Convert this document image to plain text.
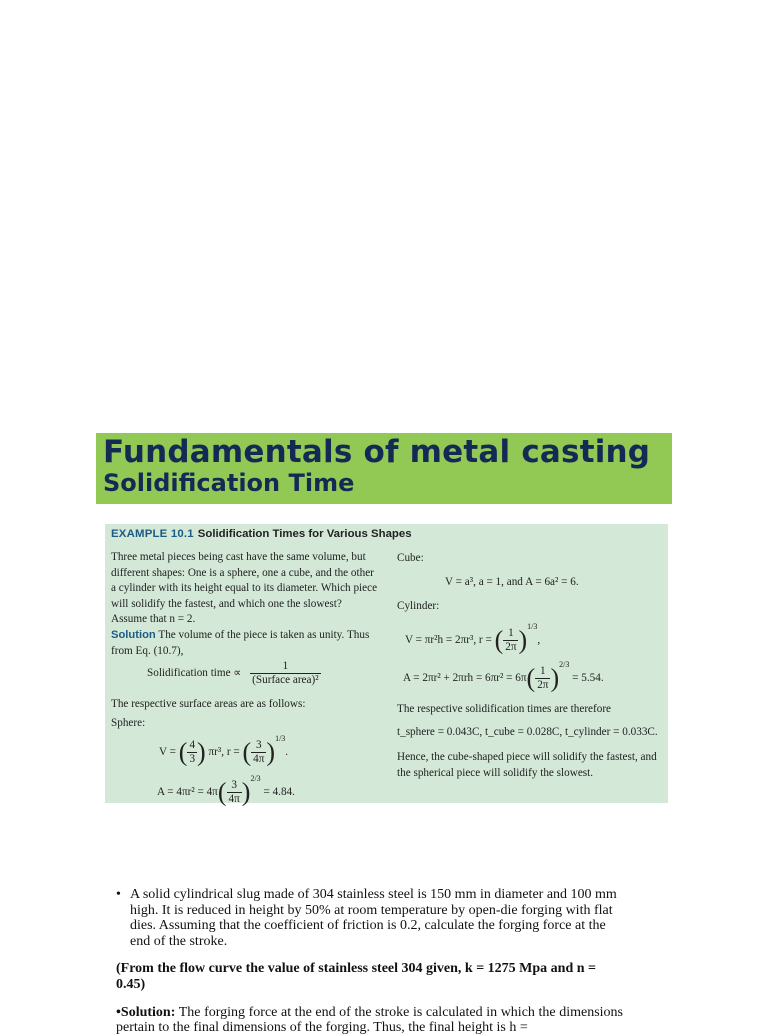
Fundamentals of metal casting
Solidification Time
EXAMPLE 10.1 Solidification Times for Various Shapes

Three metal pieces being cast have the same volume, but different shapes: One is a sphere, one a cube, and the other a cylinder with its height equal to its diameter. Which piece will solidify the fastest, and which one the slowest? Assume that n = 2.

Solution The volume of the piece is taken as unity. Thus from Eq. (10.7),

Solidification time ∝ $\frac{1}{\text{(Surface area)²}}$
The respective surface areas are as follows:
Sphere:
V = ( $\frac{4}{3}$ ) πr³, r = ( $\frac{3}{4\pi} )^{1/3}$.
$A = 4\pi r^2 = 4\pi( \frac{3}{4\pi} )^{2/3} = 4.84$.
Cube:
V = a³, a = 1, and A = 6a² = 6.
Cylinder:
V = πr²h = 2πr³, r = ( $\frac{1}{2\pi} )^{1/3}$,
$A = 2\pi r^2 + 2\pi rh = 6\pi r^2 = 6\pi( \frac{1}{2\pi} )^{2/3} = 5.54$.
The respective solidification times are therefore
t_sphere = 0.043C, t_cube = 0.028C, t_cylinder = 0.033C.
Hence, the cube-shaped piece will solidify the fastest, and the spherical piece will solidify the slowest.
• A solid cylindrical slug made of 304 stainless steel is 150 mm in diameter and 100 mm high. It is reduced in height by 50% at room temperature by open-die forging with flat dies. Assuming that the coefficient of friction is 0.2, calculate the forging force at the end of the stroke.
(From the flow curve the value of stainless steel 304 given, k = 1275 Mpa and n = 0.45)
•Solution: The forging force at the end of the stroke is calculated in which the dimensions pertain to the final dimensions of the forging. Thus, the final height is h =
